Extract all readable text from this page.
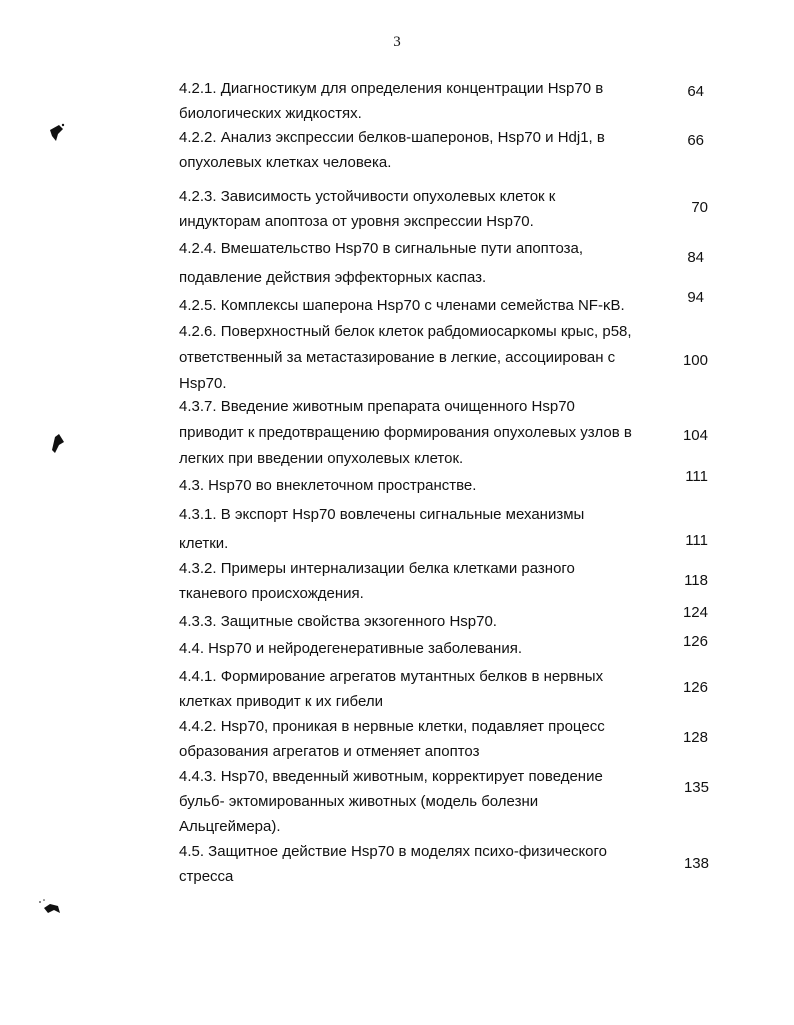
3
4.2.1. Диагностикум для определения концентрации Hsp70 в
биологических жидкостях.
64
4.2.2. Анализ экспрессии белков-шаперонов, Hsp70 и Hdj1, в
опухолевых клетках человека.
66
4.2.3. Зависимость устойчивости опухолевых клеток к
индукторам апоптоза от уровня экспрессии Hsp70.
70
4.2.4. Вмешательство Hsp70 в сигнальные пути апоптоза,
подавление действия эффекторных каспаз.
84
4.2.5. Комплексы шаперона Hsp70 с членами семейства NF-κB.	94
4.2.6. Поверхностный белок клеток рабдомиосаркомы крыс, p58,
ответственный за метастазирование в легкие, ассоциирован с
Hsp70.
100
4.3.7. Введение животным препарата очищенного Hsp70
приводит к предотвращению формирования опухолевых узлов в
легких при введении опухолевых клеток.
104
4.3. Hsp70 во внеклеточном пространстве.
111
4.3.1. В экспорт Hsp70 вовлечены сигнальные механизмы
клетки.	111
4.3.2. Примеры интернализации белка клетками разного
тканевого происхождения.
118
4.3.3. Защитные свойства экзогенного Hsp70.
124
4.4. Hsp70 и нейродегенеративные заболевания.	126
4.4.1. Формирование агрегатов мутантных белков в нервных
клетках приводит к их гибели
126
4.4.2. Hsp70, проникая в нервные клетки, подавляет процесс
образования агрегатов и отменяет апоптоз
128
4.4.3. Hsp70, введенный животным, корректирует поведение
бульб- эктомированных животных (модель болезни
Альцгеймера).
135
4.5. Защитное действие Hsp70 в моделях психо-физического
стресса
138
